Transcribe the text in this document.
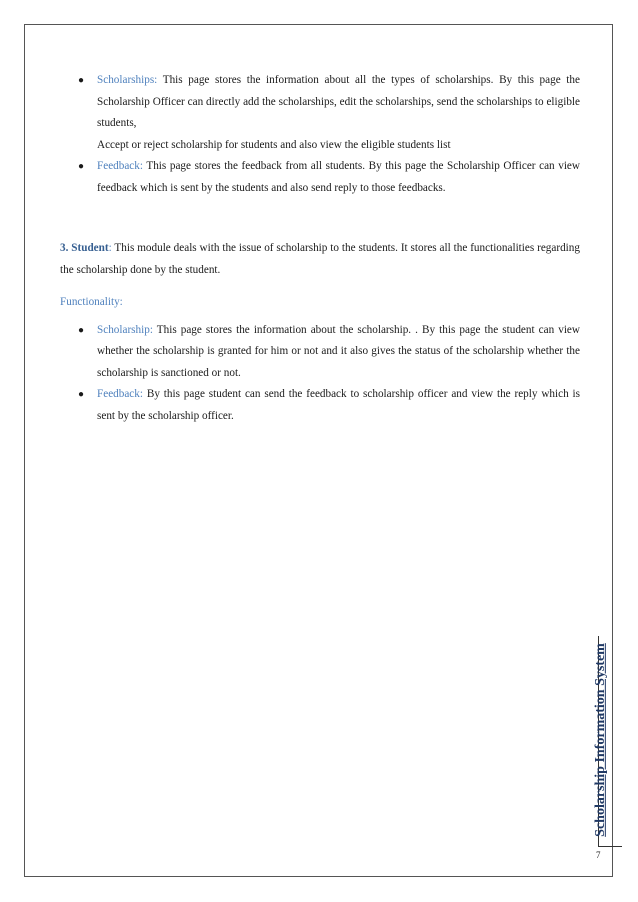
● Scholarships: This page stores the information about all the types of scholarships. By this page the Scholarship Officer can directly add the scholarships, edit the scholarships, send the scholarships to eligible students,
Accept or reject scholarship for students and also view the eligible students list
● Feedback: This page stores the feedback from all students. By this page the Scholarship Officer can view feedback which is sent by the students and also send reply to those feedbacks.

3. Student: This module deals with the issue of scholarship to the students. It stores all the functionalities regarding the scholarship done by the student.

Functionality:

● Scholarship: This page stores the information about the scholarship. . By this page the student can view whether the scholarship is granted for him or not and it also gives the status of the scholarship whether the scholarship is sanctioned or not.
● Feedback: By this page student can send the feedback to scholarship officer and view the reply which is sent by the scholarship officer.
Scholarship Information System
7
